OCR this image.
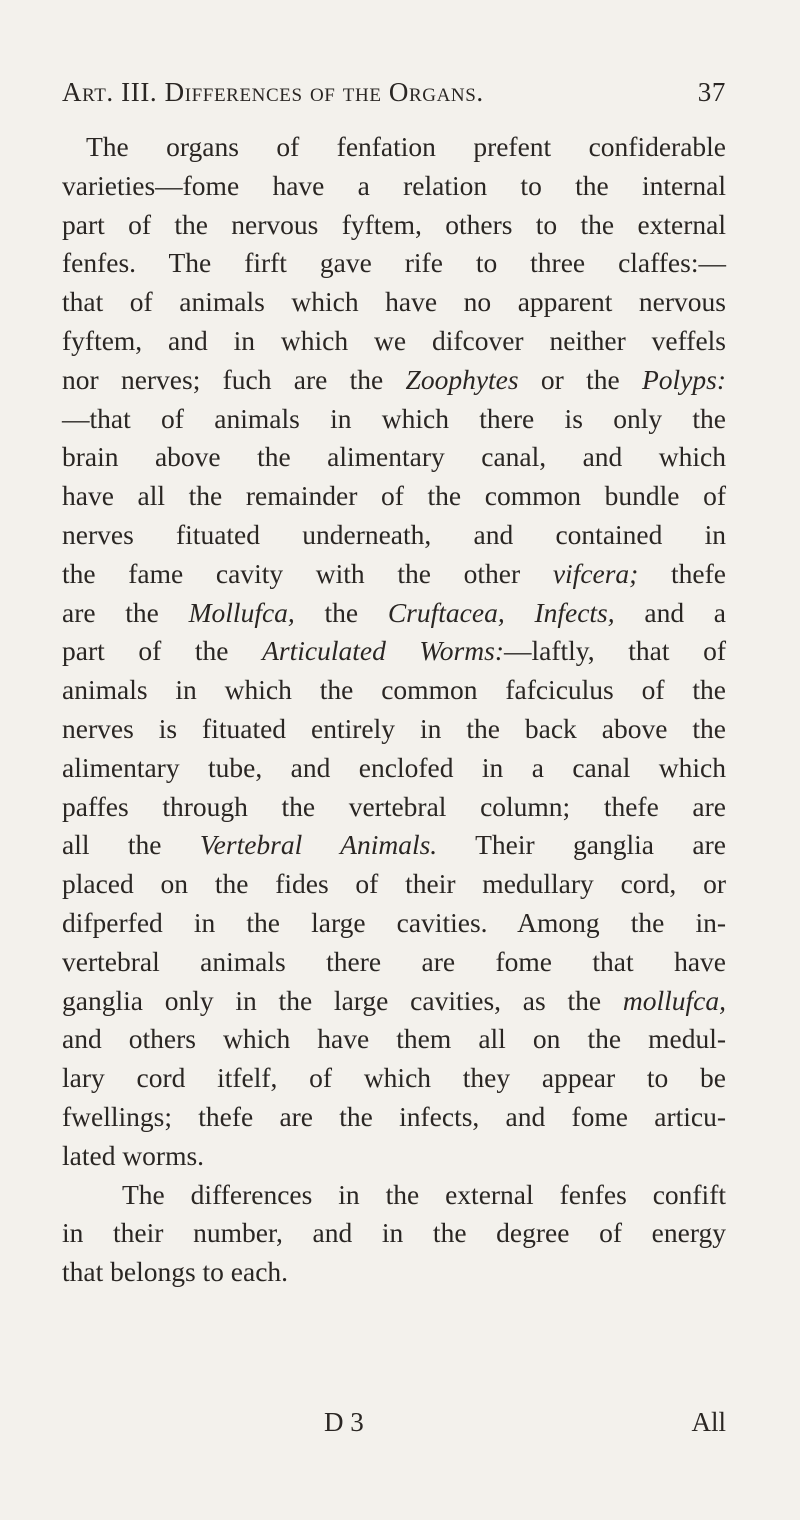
Art. III. Differences of the Organs.	37
The organs of fenfation prefent confiderable
varieties—fome have a relation to the internal
part of the nervous fyftem, others to the external
fenfes. The firft gave rife to three claffes:—
that of animals which have no apparent nervous
fyftem, and in which we difcover neither veffels
nor nerves; fuch are the Zoophytes or the Polyps:
—that of animals in which there is only the
brain above the alimentary canal, and which
have all the remainder of the common bundle of
nerves fituated underneath, and contained in
the fame cavity with the other vifcera; thefe
are the Mollufca, the Cruftacea, Infects, and a
part of the Articulated Worms:—laftly, that of
animals in which the common fafciculus of the
nerves is fituated entirely in the back above the
alimentary tube, and enclofed in a canal which
paffes through the vertebral column; thefe are
all the Vertebral Animals. Their ganglia are
placed on the fides of their medullary cord, or
difperfed in the large cavities. Among the in-
vertebral animals there are fome that have
ganglia only in the large cavities, as the mollufca,
and others which have them all on the medul-
lary cord itfelf, of which they appear to be
fwellings; thefe are the infects, and fome articu-
lated worms.
The differences in the external fenfes confift
in their number, and in the degree of energy
that belongs to each.
D 3	All
